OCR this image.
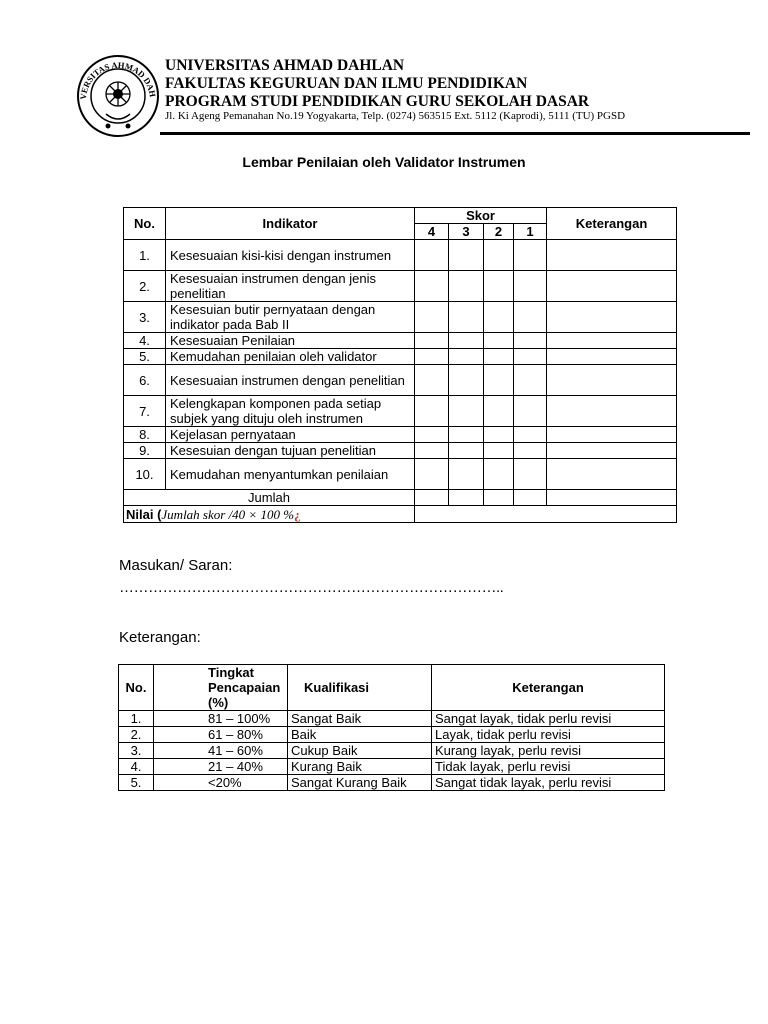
VERSITAS AHMAD DAH
UNIVERSITAS AHMAD DAHLAN
FAKULTAS KEGURUAN DAN ILMU PENDIDIKAN
PROGRAM STUDI PENDIDIKAN GURU SEKOLAH DASAR
Jl. Ki Ageng Pemanahan No.19 Yogyakarta, Telp. (0274) 563515 Ext. 5112 (Kaprodi), 5111 (TU) PGSD
Lembar Penilaian oleh Validator Instrumen
No.	Indikator	Skor				Keterangan
		4	3	2	1	
1.	Kesesuaian kisi-kisi dengan instrumen					
2.	Kesesuaian instrumen dengan jenis penelitian					
3.	Kesesuian butir pernyataan dengan indikator pada Bab II					
4.	Kesesuaian Penilaian					
5.	Kemudahan penilaian oleh validator					
6.	Kesesuaian instrumen dengan penelitian					
7.	Kelengkapan komponen pada setiap subjek yang dituju oleh instrumen					
8.	Kejelasan pernyataan					
9.	Kesesuian dengan tujuan penelitian					
10.	Kemudahan menyantumkan penilaian					
Jumlah						
Nilai (Jumlah skor /40 × 100 %¿						
Masukan/ Saran:
……………………………………………………………………..
Keterangan:
No.	Tingkat Pencapaian (%)	Kualifikasi	Keterangan
1.	81 – 100%	Sangat Baik	Sangat layak, tidak perlu revisi
2.	61 – 80%	Baik	Layak, tidak perlu revisi
3.	41 – 60%	Cukup Baik	Kurang layak, perlu revisi
4.	21 – 40%	Kurang Baik	Tidak layak, perlu revisi
5.	<20%	Sangat Kurang Baik	Sangat tidak layak, perlu revisi
